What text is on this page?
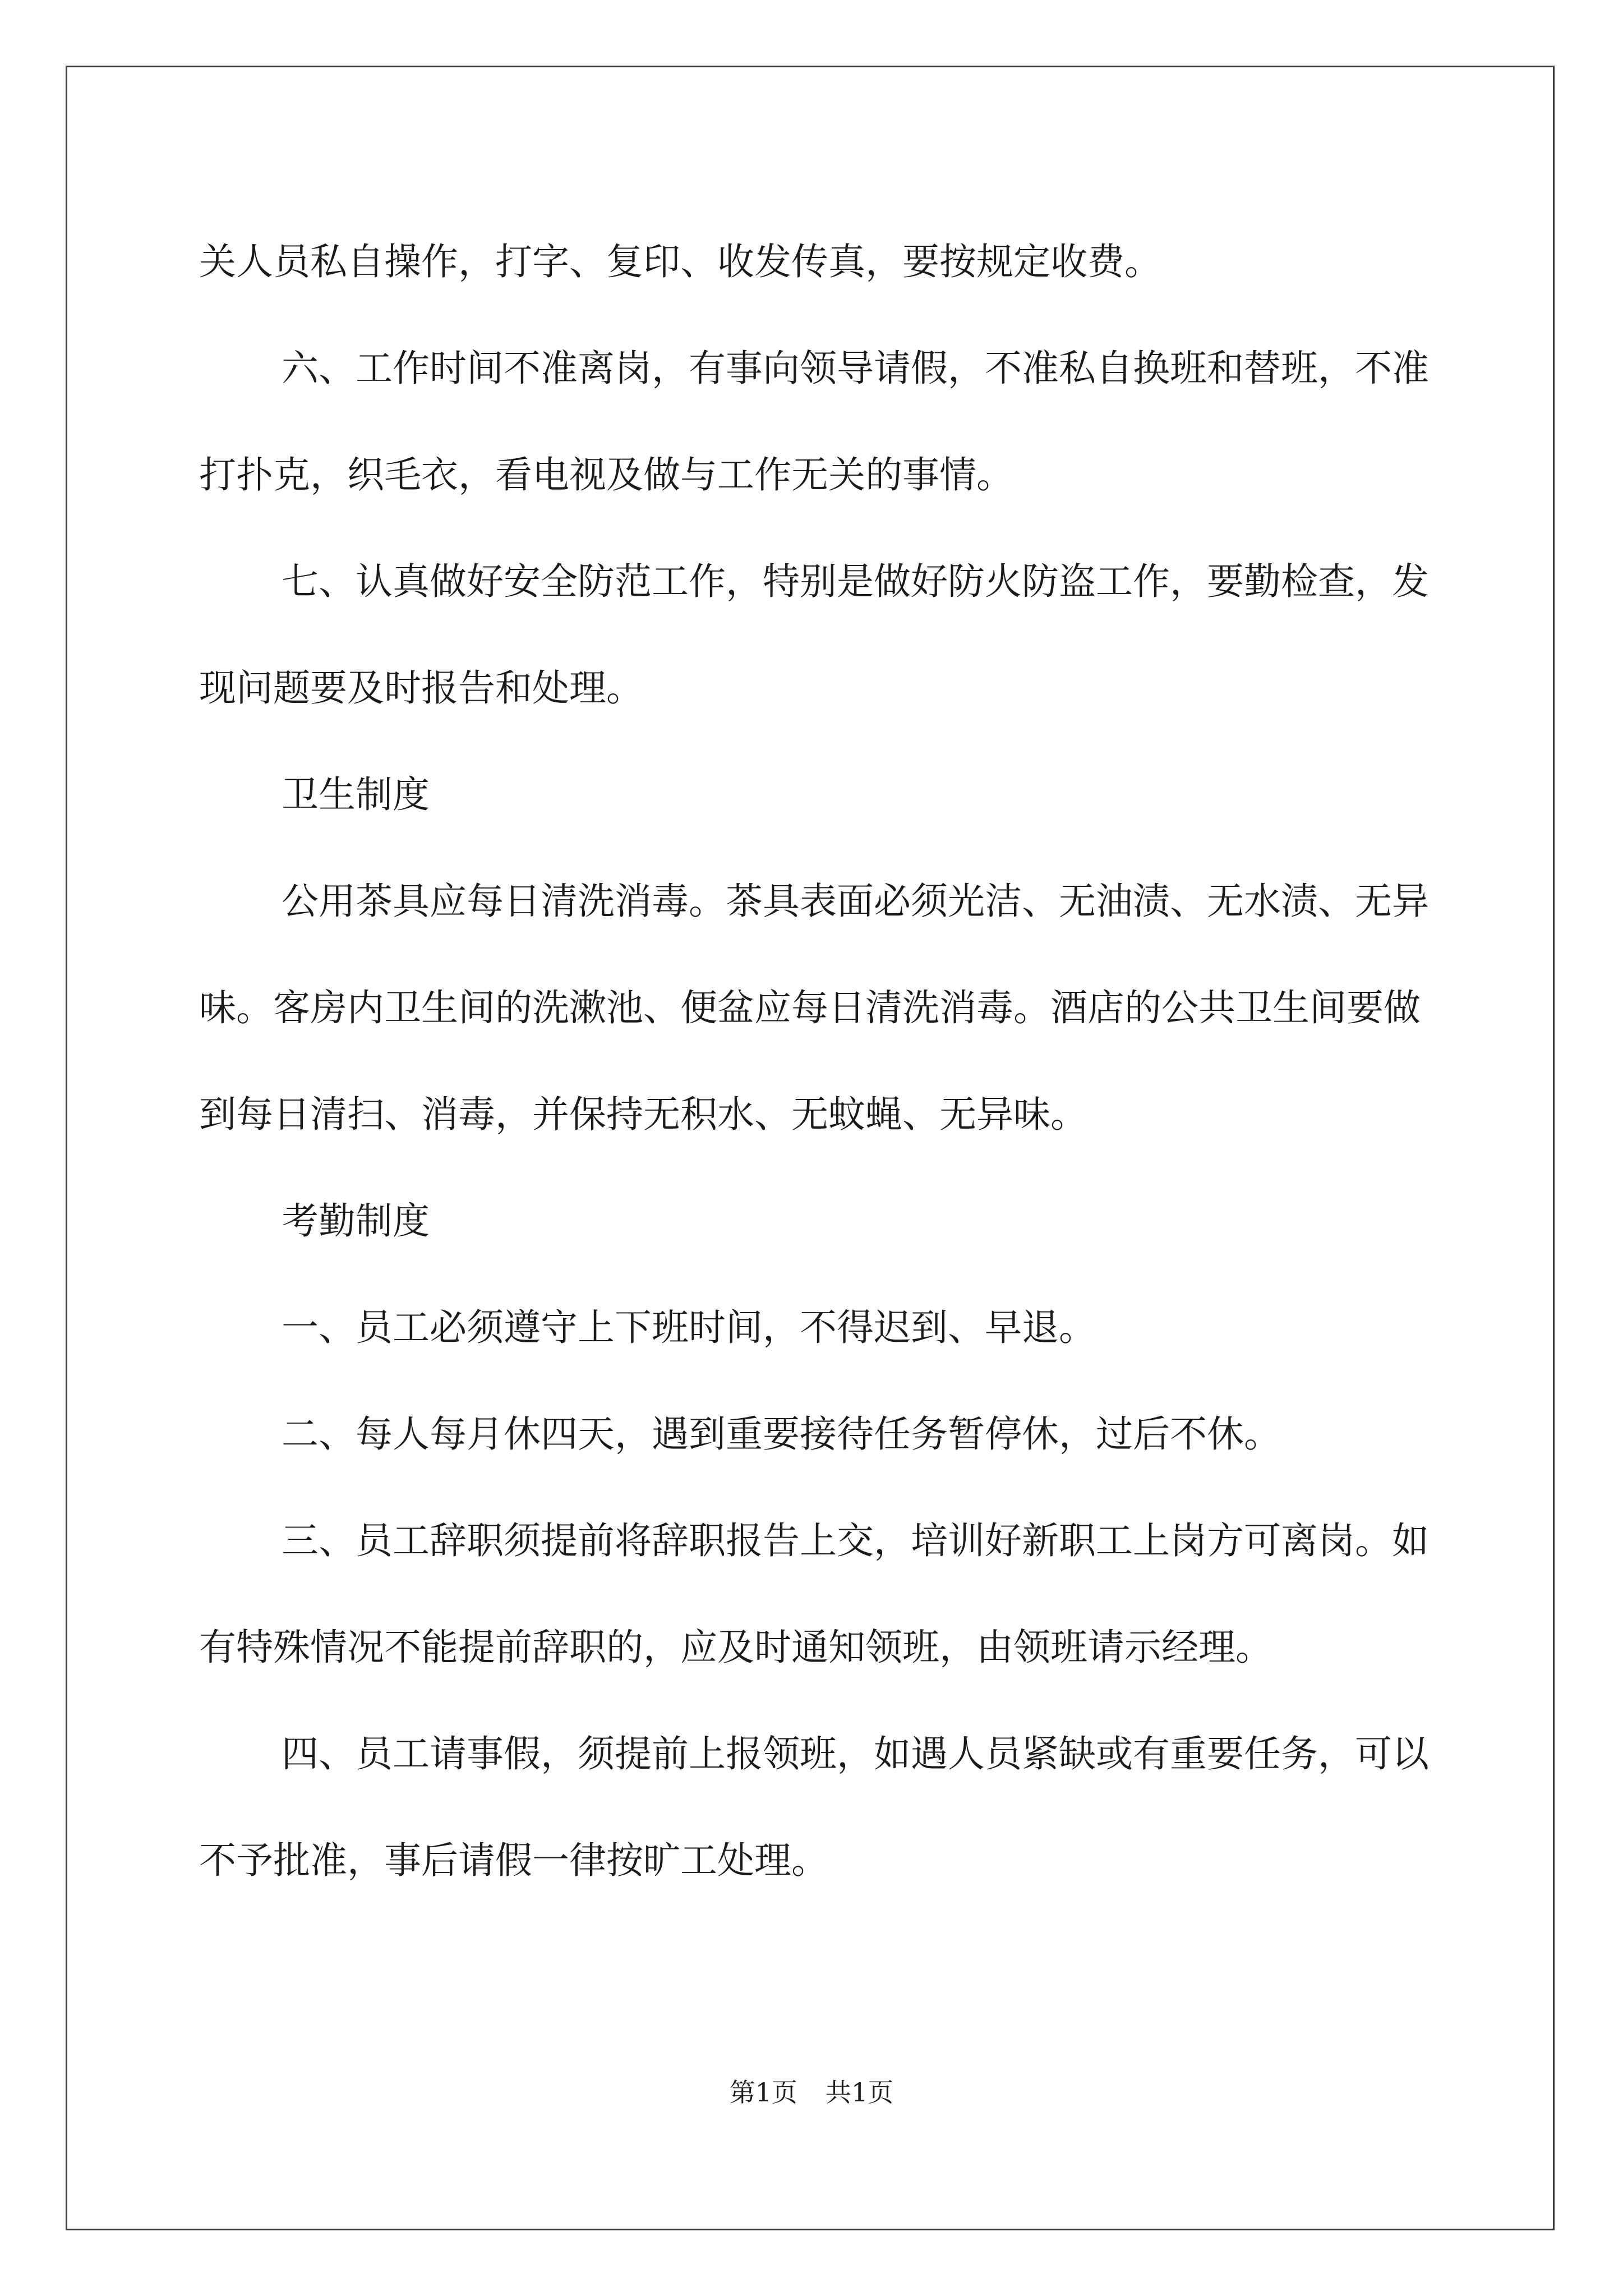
关人员私自操作，打字、复印、收发传真，要按规定收费。

六、工作时间不准离岗，有事向领导请假，不准私自换班和替班，不准打扑克，织毛衣，看电视及做与工作无关的事情。

七、认真做好安全防范工作，特别是做好防火防盗工作，要勤检查，发现问题要及时报告和处理。

卫生制度

公用茶具应每日清洗消毒。茶具表面必须光洁、无油渍、无水渍、无异味。客房内卫生间的洗漱池、便盆应每日清洗消毒。酒店的公共卫生间要做到每日清扫、消毒，并保持无积水、无蚊蝇、无异味。

考勤制度

一、员工必须遵守上下班时间，不得迟到、早退。

二、每人每月休四天，遇到重要接待任务暂停休，过后不休。

三、员工辞职须提前将辞职报告上交，培训好新职工上岗方可离岗。如有特殊情况不能提前辞职的，应及时通知领班，由领班请示经理。

四、员工请事假，须提前上报领班，如遇人员紧缺或有重要任务，可以不予批准，事后请假一律按旷工处理。

第1页 共1页
